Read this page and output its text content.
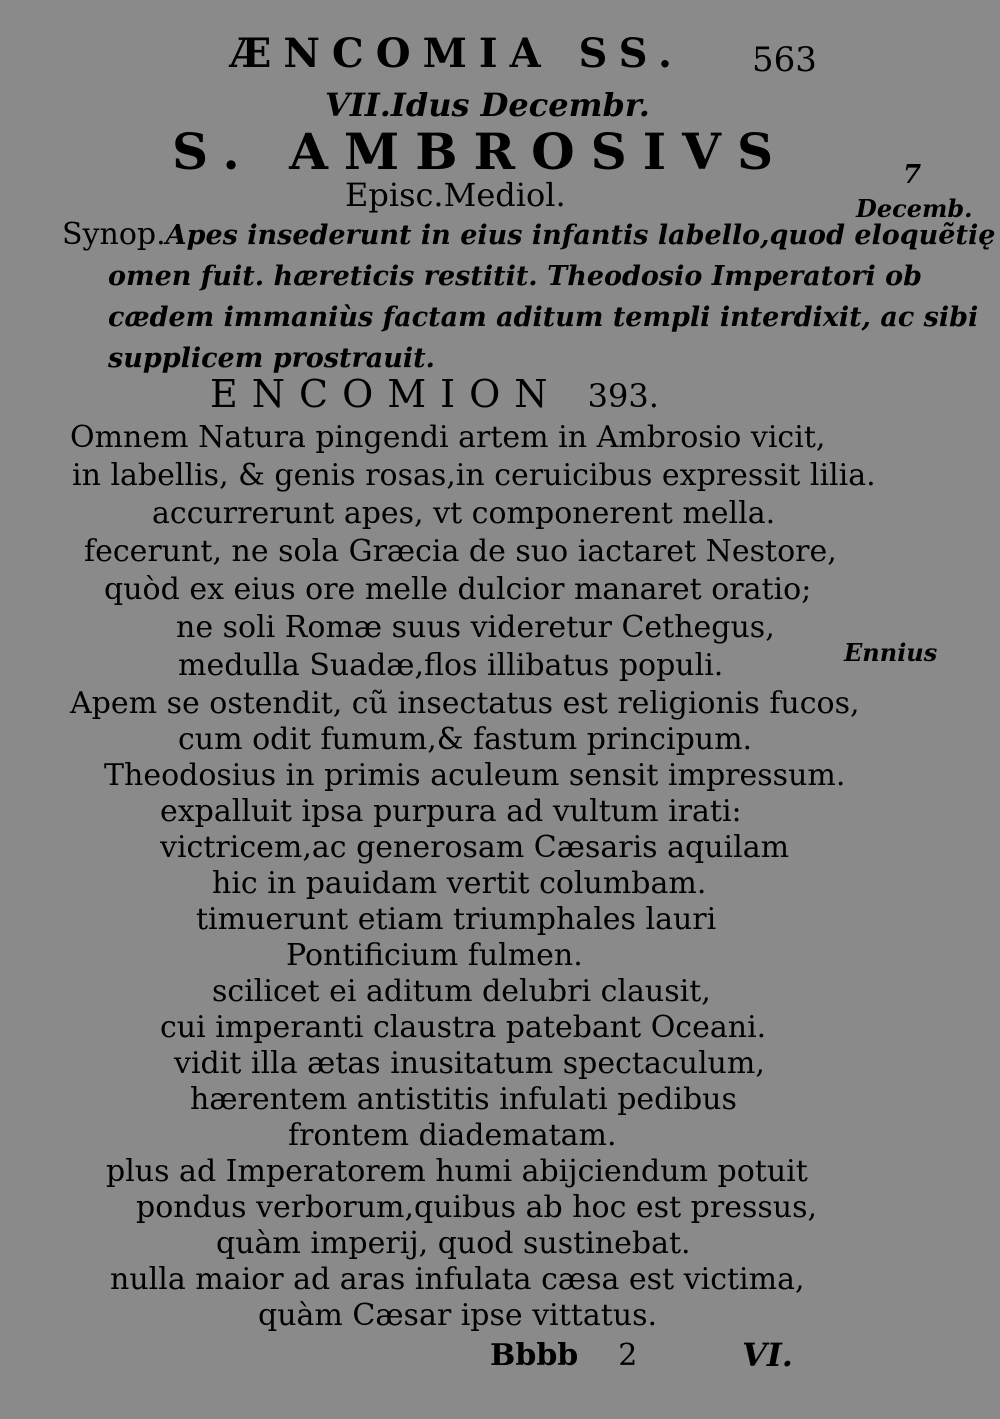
ÆNCOMIA SS. 563
VII.Idus Decembr.
S. AMBROSIVS
Episc.Mediol.
Synop.Apes insederunt in eius infantis labello,quod eloquẽtię
omen fuit. hæreticis restitit. Theodosio Imperatori ob
cædem immaniùs factam aditum templi interdixit, ac sibi
supplicem prostrauit.
ENCOMION 393.
Omnem Natura pingendi artem in Ambrosio vicit,
in labellis, & genis rosas,in ceruicibus expressit lilia.
accurrerunt apes, vt componerent mella.
fecerunt, ne sola Græcia de suo iactaret Nestore,
quòd ex eius ore melle dulcior manaret oratio;
ne soli Romæ suus videretur Cethegus,
medulla Suadæ,flos illibatus populi.
Apem se ostendit, cũ insectatus est religionis fucos,
cum odit fumum,& fastum principum.
Theodosius in primis aculeum sensit impressum.
expalluit ipsa purpura ad vultum irati:
victricem,ac generosam Cæsaris aquilam
hic in pauidam vertit columbam.
timuerunt etiam triumphales lauri
Pontificium fulmen.
scilicet ei aditum delubri clausit,
cui imperanti claustra patebant Oceani.
vidit illa ætas inusitatum spectaculum,
hærentem antistitis infulati pedibus
frontem diadematam.
plus ad Imperatorem humi abijciendum potuit
pondus verborum,quibus ab hoc est pressus,
quàm imperij, quod sustinebat.
nulla maior ad aras infulata cæsa est victima,
quàm Cæsar ipse vittatus.
7
Decemb.
Ennius
Bbbb 2	VI.
